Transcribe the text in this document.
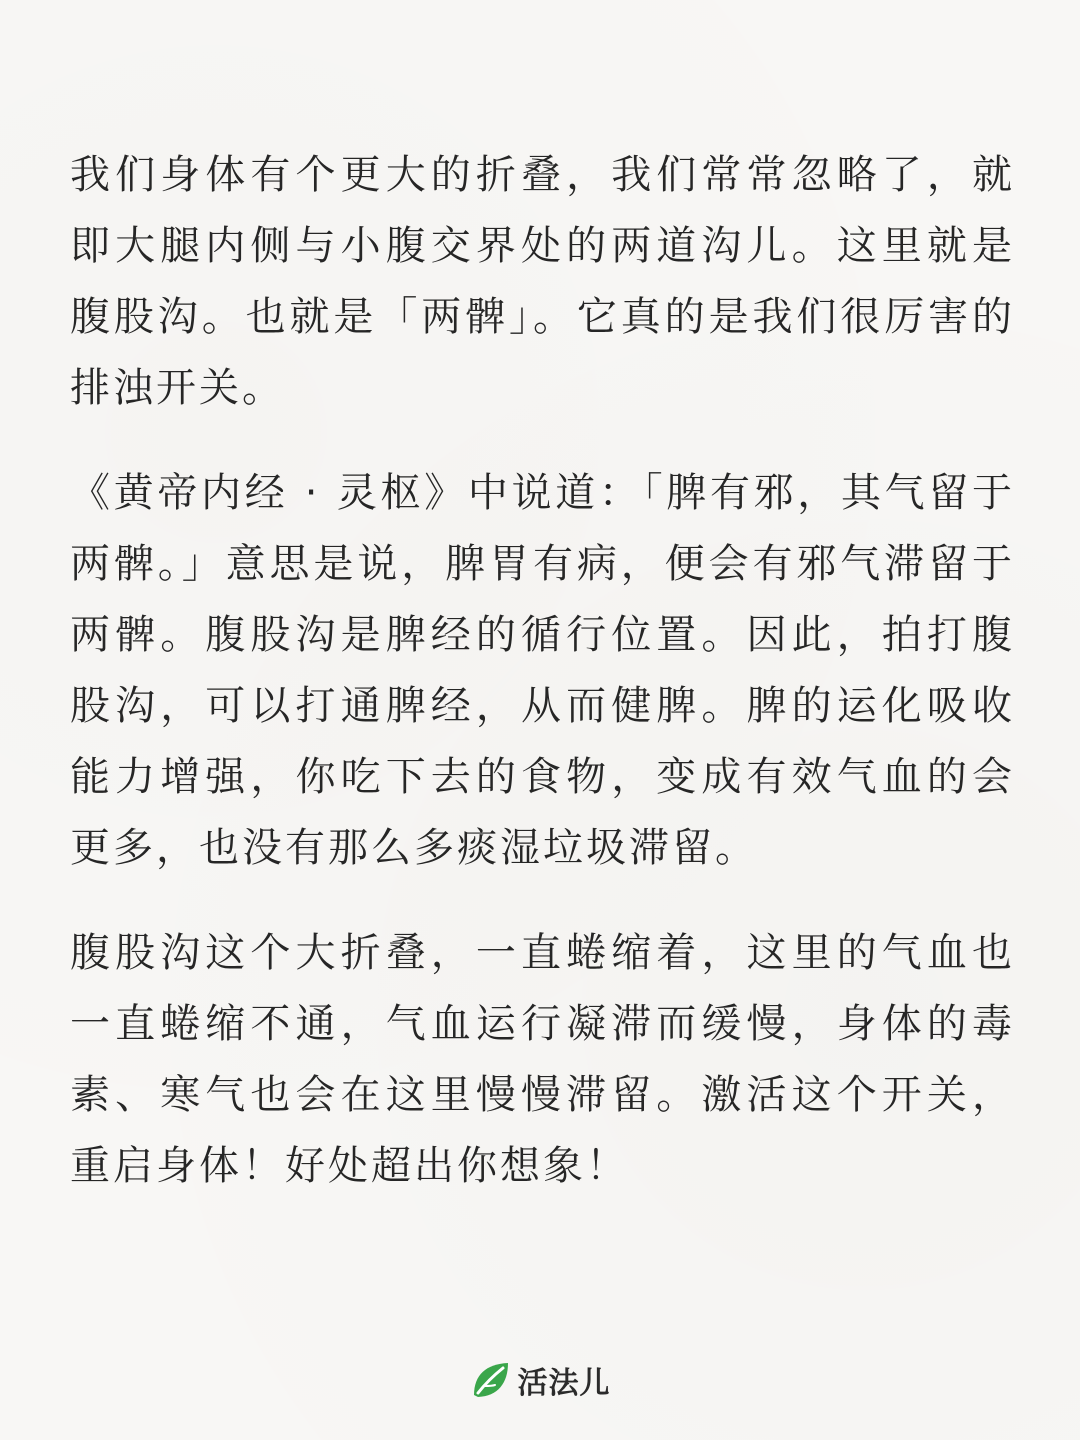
我们身体有个更大的折叠，我们常常忽略了，就即大腿内侧与小腹交界处的两道沟儿。这里就是腹股沟。也就是「两髀」。它真的是我们很厉害的排浊开关。

《黄帝内经 · 灵枢》中说道：「脾有邪，其气留于两髀。」意思是说，脾胃有病，便会有邪气滞留于两髀。腹股沟是脾经的循行位置。因此，拍打腹股沟，可以打通脾经，从而健脾。脾的运化吸收能力增强，你吃下去的食物，变成有效气血的会更多，也没有那么多痰湿垃圾滞留。

腹股沟这个大折叠，一直蜷缩着，这里的气血也一直蜷缩不通，气血运行凝滞而缓慢，身体的毒素、寒气也会在这里慢慢滞留。激活这个开关，重启身体！好处超出你想象！

活法儿
